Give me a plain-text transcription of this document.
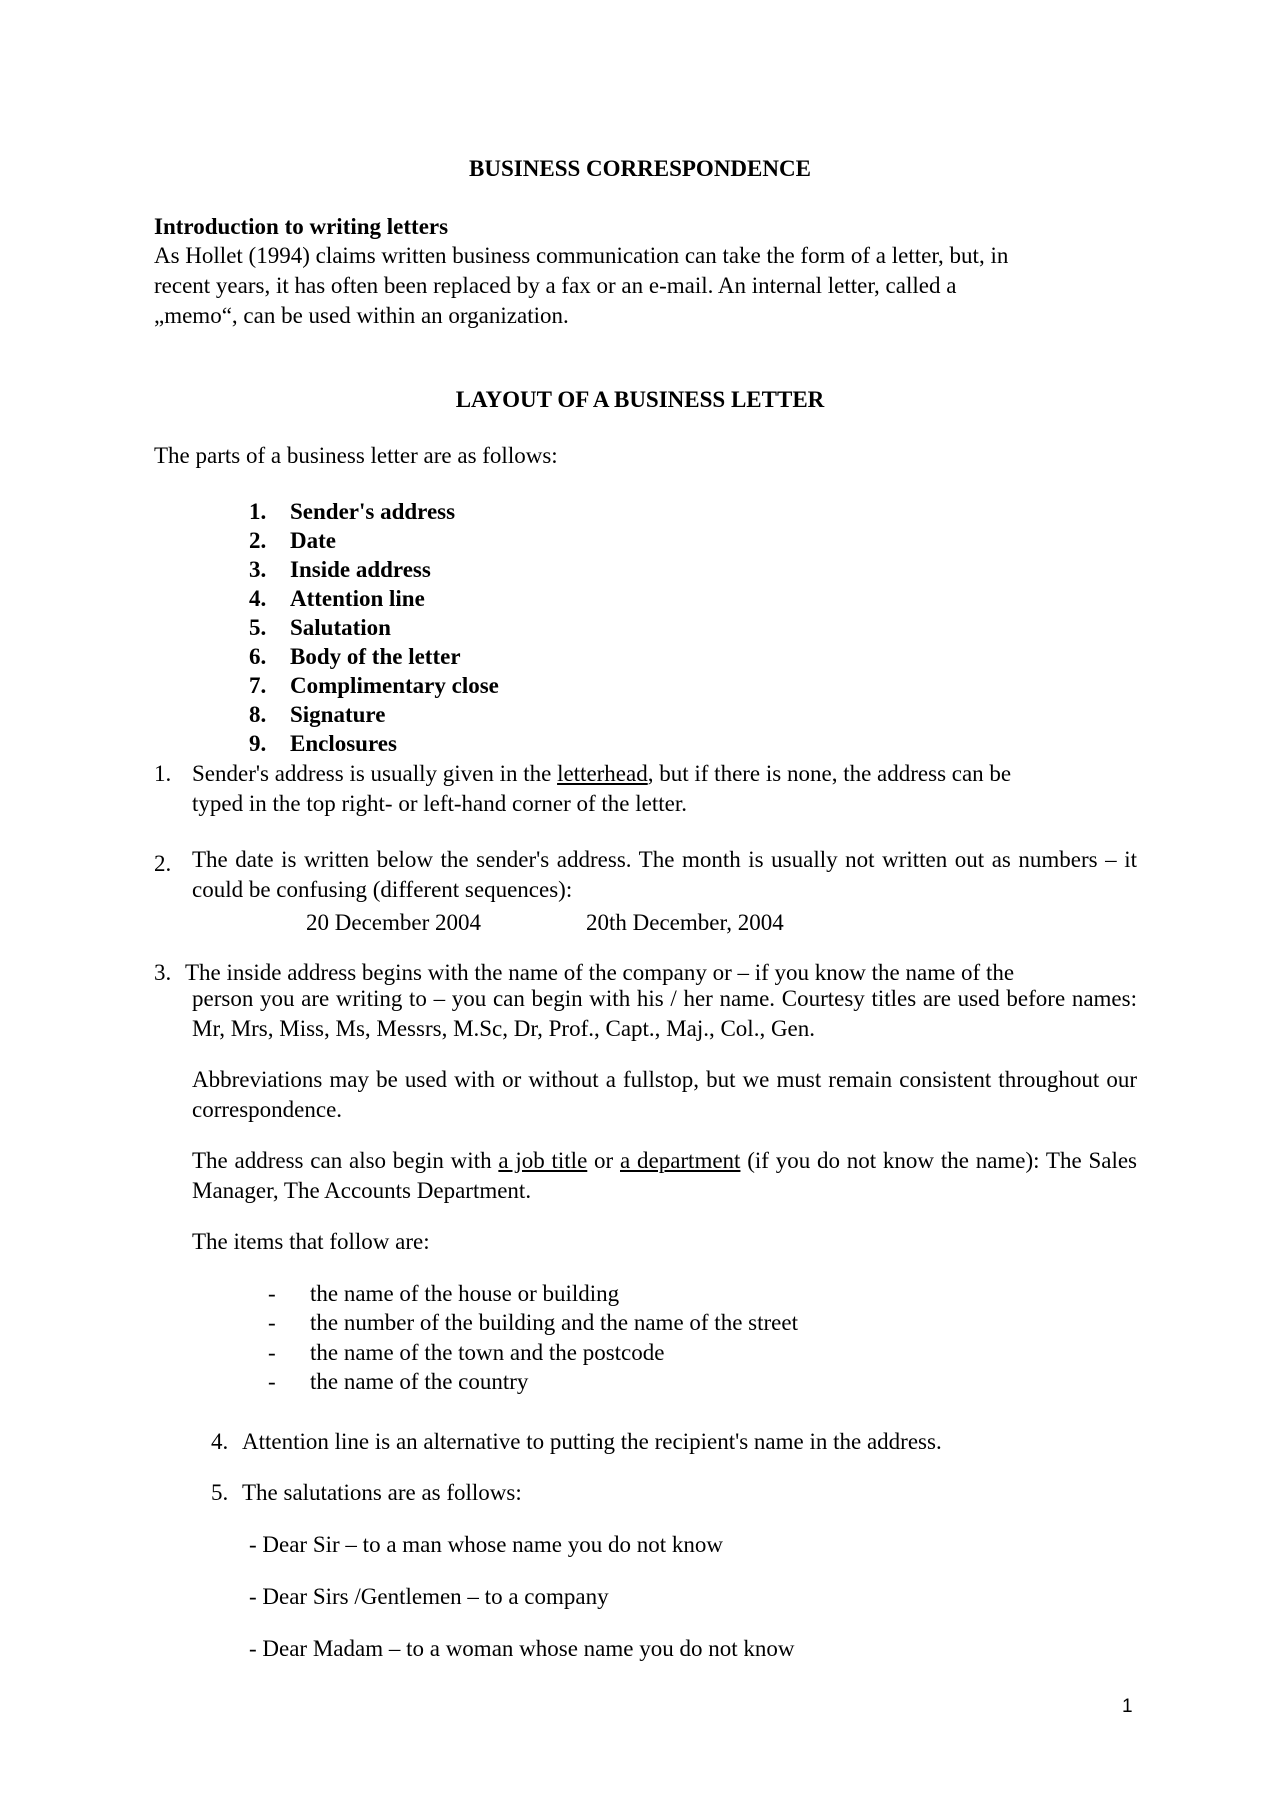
BUSINESS CORRESPONDENCE
Introduction to writing letters
As Hollet (1994) claims written business communication can take the form of a letter, but, in
recent years, it has often been replaced by a fax or an e-mail. An internal letter, called a
„memo“, can be used within an organization.
LAYOUT OF A BUSINESS LETTER
The parts of a business letter are as follows:
1. Sender's address
2. Date
3. Inside address
4. Attention line
5. Salutation
6. Body of the letter
7. Complimentary close
8. Signature
9. Enclosures
1. Sender's address is usually given in the letterhead, but if there is none, the address can be
typed in the top right- or left-hand corner of the letter.
2. The date is written below the sender's address. The month is usually not written out as numbers – it could be confusing (different sequences):
20 December 2004	20th December, 2004
3. The inside address begins with the name of the company or – if you know the name of the
person you are writing to – you can begin with his / her name. Courtesy titles are used before names: Mr, Mrs, Miss, Ms, Messrs, M.Sc, Dr, Prof., Capt., Maj., Col., Gen.
Abbreviations may be used with or without a fullstop, but we must remain consistent throughout our correspondence.
The address can also begin with a job title or a department (if you do not know the name): The Sales Manager, The Accounts Department.
The items that follow are:
- the name of the house or building
- the number of the building and the name of the street
- the name of the town and the postcode
- the name of the country
4. Attention line is an alternative to putting the recipient's name in the address.
5. The salutations are as follows:
- Dear Sir – to a man whose name you do not know
- Dear Sirs /Gentlemen – to a company
- Dear Madam – to a woman whose name you do not know
1
